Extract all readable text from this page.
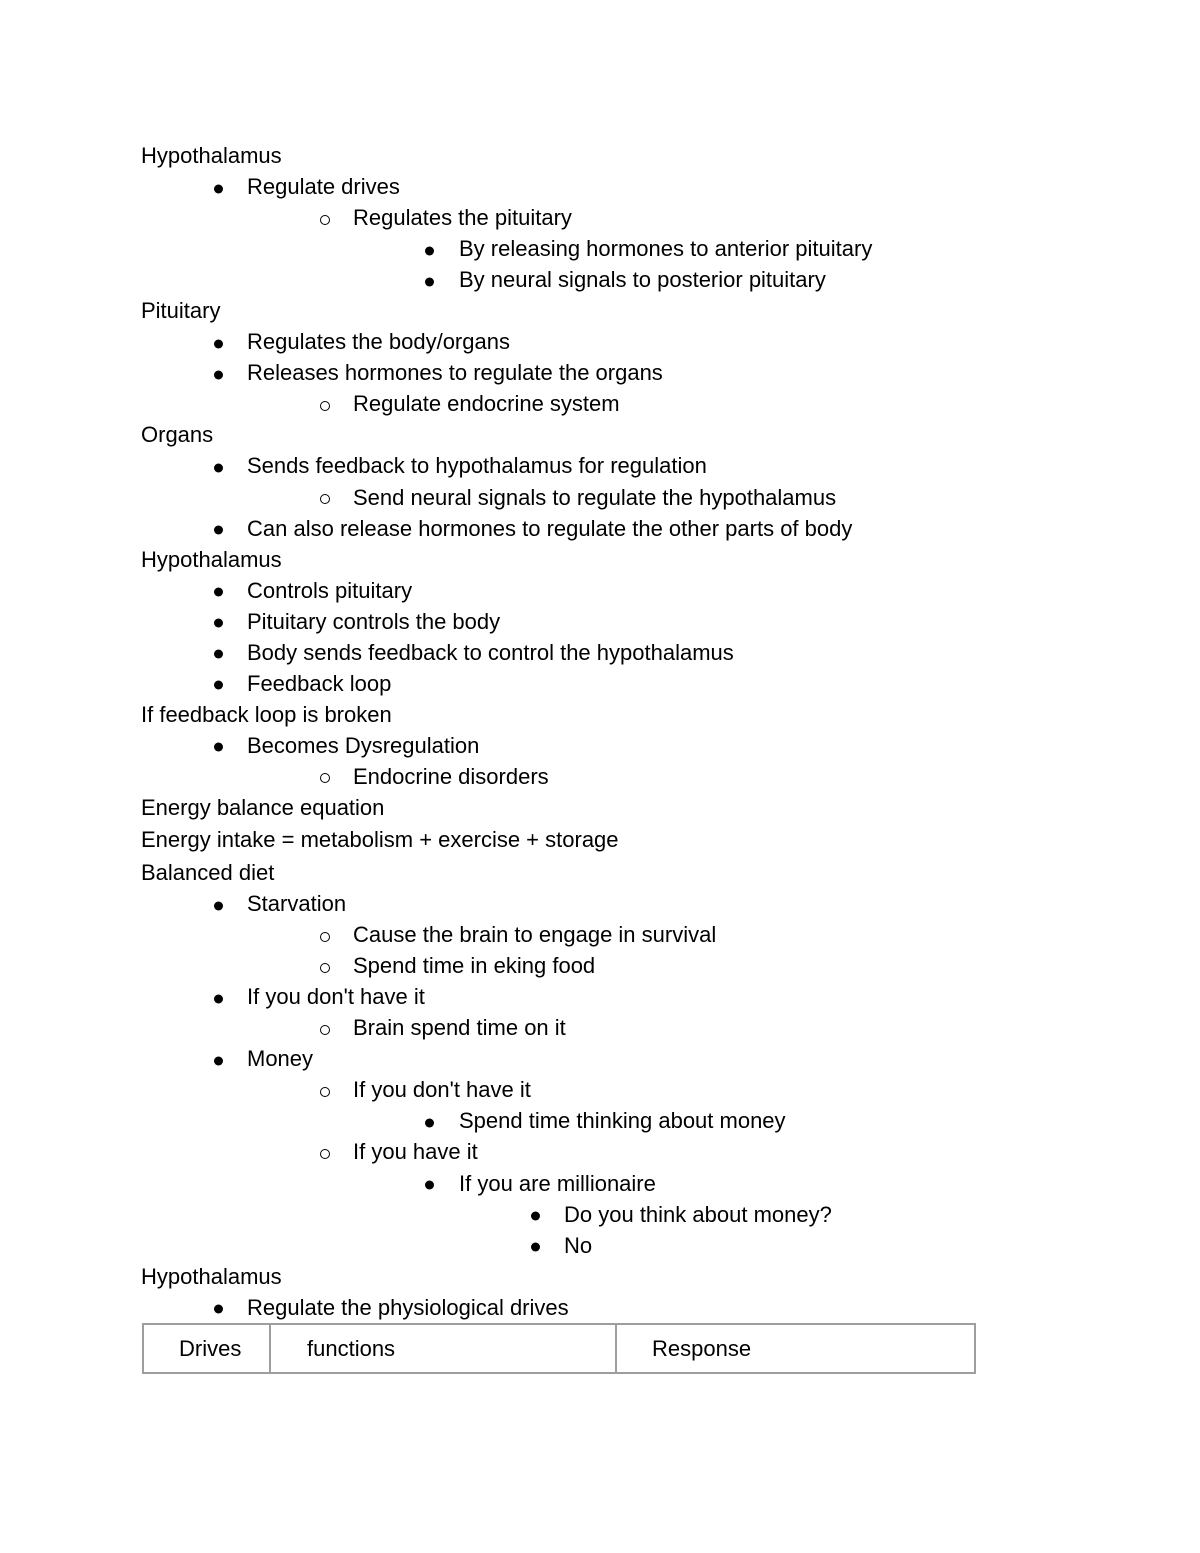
Hypothalamus
Regulate drives
Regulates the pituitary
By releasing hormones to anterior pituitary
By neural signals to posterior pituitary
Pituitary
Regulates the body/organs
Releases hormones to regulate the organs
Regulate endocrine system
Organs
Sends feedback to hypothalamus for regulation
Send neural signals to regulate the hypothalamus
Can also release hormones to regulate the other parts of body
Hypothalamus
Controls pituitary
Pituitary controls the body
Body sends feedback to control the hypothalamus
Feedback loop
If feedback loop is broken
Becomes Dysregulation
Endocrine disorders
Energy balance equation
Energy intake = metabolism + exercise + storage
Balanced diet
Starvation
Cause the brain to engage in survival
Spend time in eking food
If you don't have it
Brain spend time on it
Money
If you don't have it
Spend time thinking about money
If you have it
If you are millionaire
Do you think about money?
No
Hypothalamus
Regulate the physiological drives
Drives	functions	Response
